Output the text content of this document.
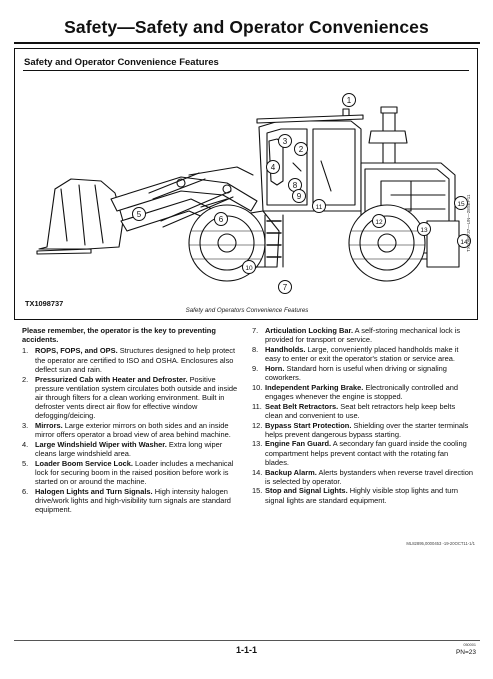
Safety—Safety and Operator Conveniences
Safety and Operator Convenience Features
1
2
3
4
5
6
7
8
9
10
11
12
13
14
15
TX1098737
TX1098737—UN—28SEP11
Safety and Operators Convenience Features
Please remember, the operator is the key to preventing accidents.
1. ROPS, FOPS, and OPS. Structures designed to help protect the operator are certified to ISO and OSHA. Enclosures also deflect sun and rain.
2. Pressurized Cab with Heater and Defroster. Positive pressure ventilation system circulates both outside and inside air through filters for a clean working environment. Built in defroster vents direct air flow for effective window defogging/deicing.
3. Mirrors. Large exterior mirrors on both sides and an inside mirror offers operator a broad view of area behind machine.
4. Large Windshield Wiper with Washer. Extra long wiper cleans large windshield area.
5. Loader Boom Service Lock. Loader includes a mechanical lock for securing boom in the raised position before work is started on or around the machine.
6. Halogen Lights and Turn Signals. High intensity halogen drive/work lights and high-visibility turn signals are standard equipment.
7. Articulation Locking Bar. A self-storing mechanical lock is provided for transport or service.
8. Handholds. Large, conveniently placed handholds make it easy to enter or exit the operator's station or service area.
9. Horn. Standard horn is useful when driving or signaling coworkers.
10. Independent Parking Brake. Electronically controlled and engages whenever the engine is stopped.
11. Seat Belt Retractors. Seat belt retractors help keep belts clean and convenient to use.
12. Bypass Start Protection. Shielding over the starter terminals helps prevent dangerous bypass starting.
13. Engine Fan Guard. A secondary fan guard inside the cooling compartment helps prevent contact with the rotating fan blades.
14. Backup Alarm. Alerts bystanders when reverse travel direction is selected by operator.
15. Stop and Signal Lights. Highly visible stop lights and turn signal lights are standard equipment.
ML82895,0000453 -19-20OCT11-1/1
1-1-1	050001
PN=23
